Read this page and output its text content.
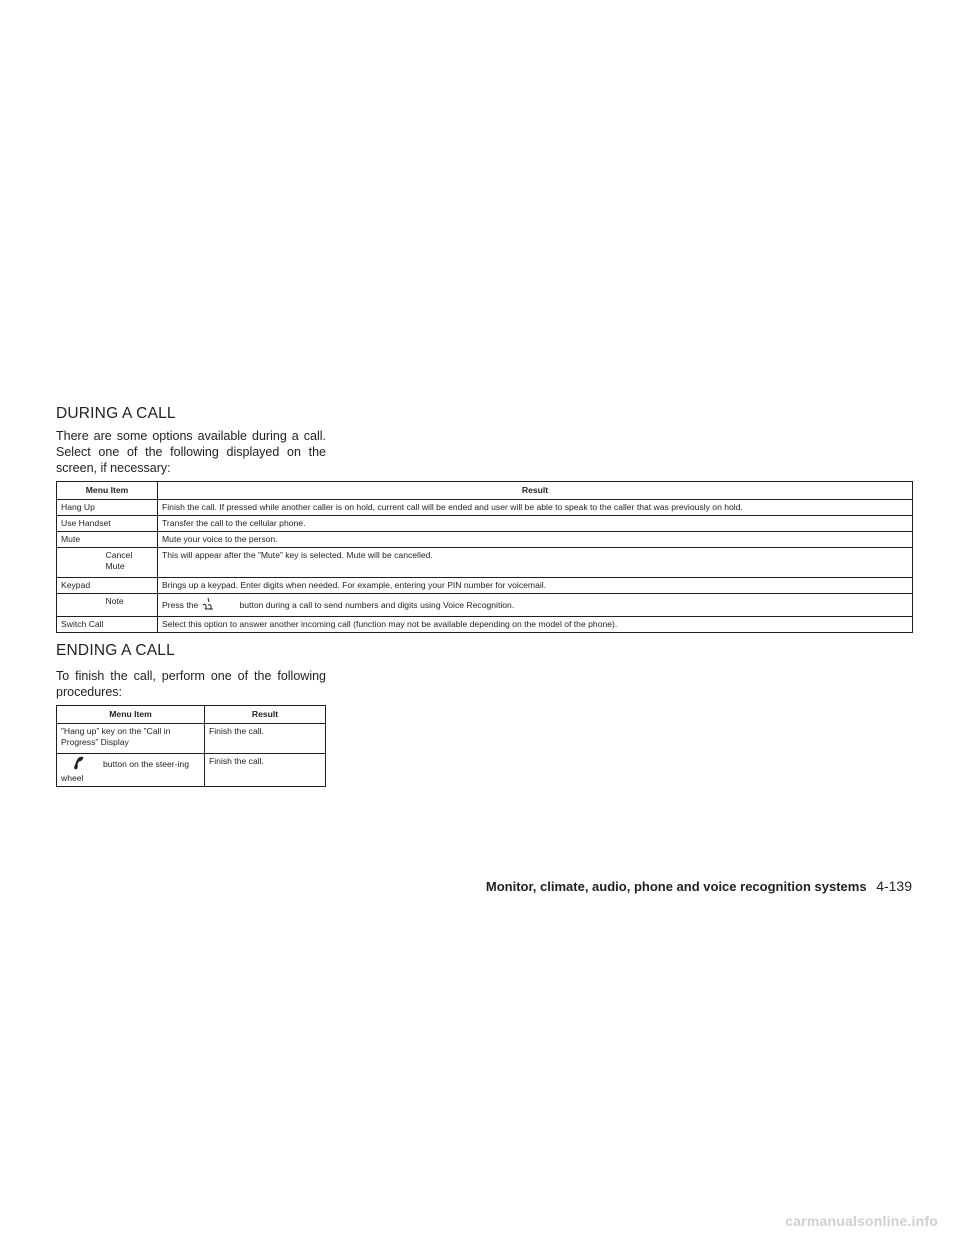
DURING A CALL

There are some options available during a call. Select one of the following displayed on the screen, if necessary:

Menu Item		Result
Hang Up		Finish the call. If pressed while another caller is on hold, current call will be ended and user will be able to speak to the caller that was previously on hold.
Use Handset		Transfer the call to the cellular phone.
Mute		Mute your voice to the person.
	Cancel Mute	This will appear after the ”Mute” key is selected. Mute will be cancelled.
Keypad		Brings up a keypad. Enter digits when needed. For example, entering your PIN number for voicemail.
	Note	Press the button during a call to send numbers and digits using Voice Recognition.
Switch Call		Select this option to answer another incoming call (function may not be available depending on the model of the phone).
ENDING A CALL

To finish the call, perform one of the following procedures:

Menu Item	Result
”Hang up” key on the ”Call in Progress” Display	Finish the call.
button on the steer-ing wheel	Finish the call.
Monitor, climate, audio, phone and voice recognition systems 4-139
carmanualsonline.info
